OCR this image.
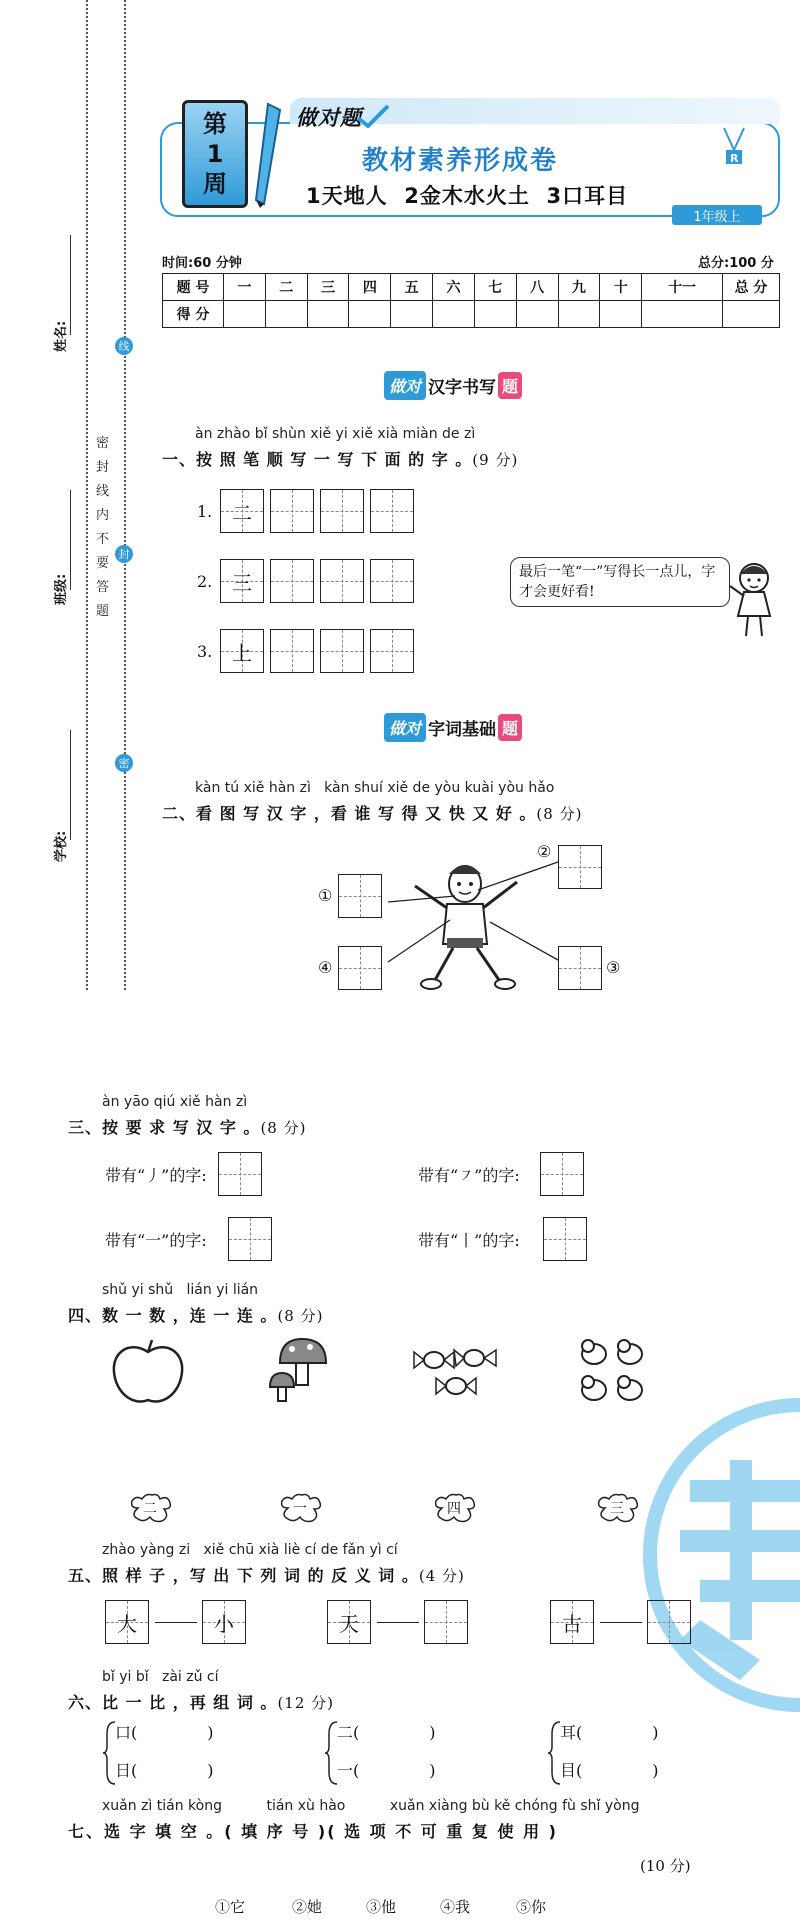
姓名:
班级:
学校:
密 封 线 内 不 要 答 题
线
封
密
第
1
周
做对题
教材素养形成卷
1天地人  2金木水火土  3口耳目
1年级上
R
时间:60 分钟	总分:100 分
题 号	一	二	三	四	五	六	七	八	九	十	十一	总 分
得 分												
做对 汉字书写 题
àn zhào bǐ shùn xiě yi xiě xià miàn de zì
一、按 照 笔 顺 写 一 写 下 面 的 字 。(9 分)
1. 二
2. 三
3. 上
最后一笔“一”写得长一点儿，字才会更好看!
做对 字词基础 题
kàn tú xiě hàn zì   kàn shuí xiě de yòu kuài yòu hǎo
二、看 图 写 汉 字 ，看 谁 写 得 又 快 又 好 。(8 分)
①
②
④	③
àn yāo qiú xiě hàn zì
三、按 要 求 写 汉 字 。(8 分)
带有“丿”的字:	带有“㇇”的字:
带有“一”的字:	带有“丨”的字:
shǔ yi shǔ   lián yi lián
四、数 一 数 ，连 一 连 。(8 分)
二	一	四	三
zhào yàng zi   xiě chū xià liè cí de fǎn yì cí
五、照 样 子 ，写 出 下 列 词 的 反 义 词 。(4 分)
大	小	天	古
bǐ yi bǐ   zài zǔ cí
六、比 一 比 ，再 组 词 。(12 分)
口(	)
日(	)
二(	)
一(	)
耳(	)
目(	)
xuǎn zì tián kòng          tián xù hào          xuǎn xiàng bù kě chóng fù shǐ yòng
七、选 字 填 空 。( 填 序 号 )( 选 项 不 可 重 复 使 用 )
(10 分)
①它	②她	③他	④我	⑤你
